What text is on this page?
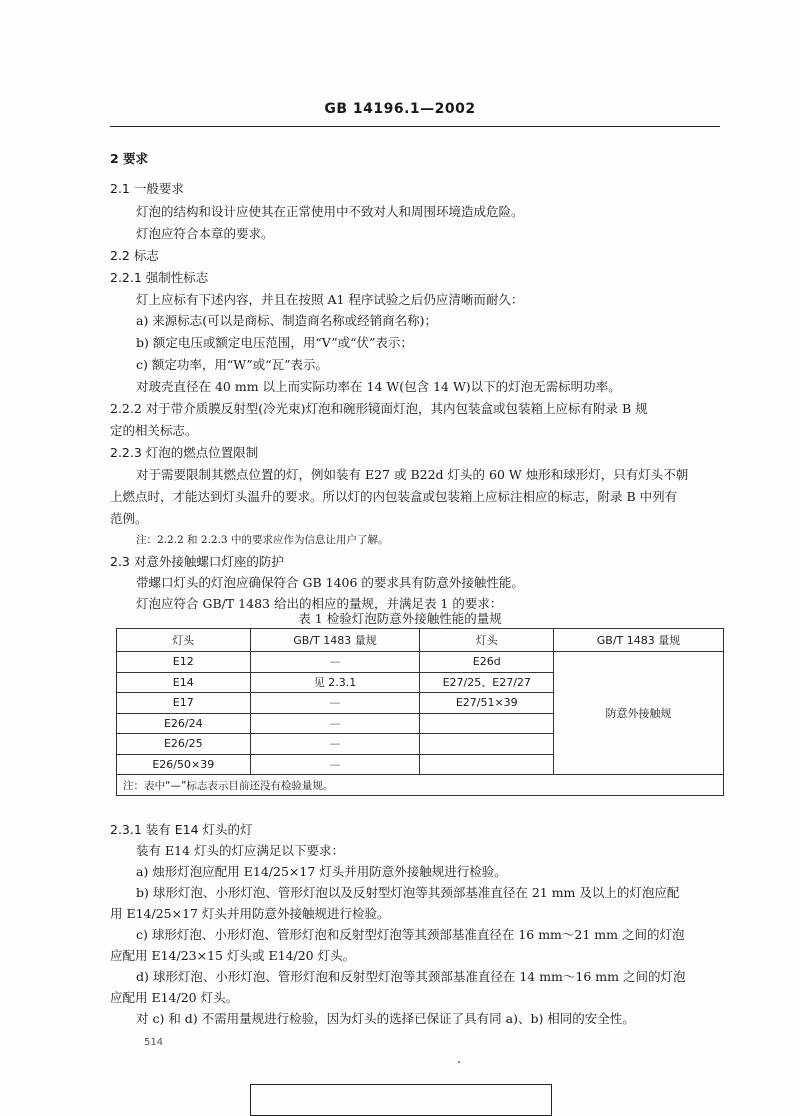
GB 14196.1—2002
2 要求
2.1 一般要求
灯泡的结构和设计应使其在正常使用中不致对人和周围环境造成危险。
灯泡应符合本章的要求。
2.2 标志
2.2.1 强制性标志
灯上应标有下述内容，并且在按照 A1 程序试验之后仍应清晰而耐久：
a) 来源标志(可以是商标、制造商名称或经销商名称)；
b) 额定电压或额定电压范围，用“V”或“伏”表示；
c) 额定功率，用“W”或“瓦”表示。
对玻壳直径在 40 mm 以上而实际功率在 14 W(包含 14 W)以下的灯泡无需标明功率。
2.2.2 对于带介质膜反射型(冷光束)灯泡和碗形镜面灯泡，其内包装盒或包装箱上应标有附录 B 规
定的相关标志。
2.2.3 灯泡的燃点位置限制
对于需要限制其燃点位置的灯，例如装有 E27 或 B22d 灯头的 60 W 烛形和球形灯，只有灯头不朝
上燃点时，才能达到灯头温升的要求。所以灯的内包装盒或包装箱上应标注相应的标志，附录 B 中列有
范例。
注：2.2.2 和 2.2.3 中的要求应作为信息让用户了解。
2.3 对意外接触螺口灯座的防护
带螺口灯头的灯泡应确保符合 GB 1406 的要求具有防意外接触性能。
灯泡应符合 GB/T 1483 给出的相应的量规，并满足表 1 的要求：
表 1 检验灯泡防意外接触性能的量规
灯头	GB/T 1483 量规	灯头	GB/T 1483 量规
E12	—	E26d	防意外接触规
E14	见 2.3.1	E27/25、E27/27	
E17	—	E27/51×39	
E26/24	—		
E26/25	—		
E26/50×39	—		
注：表中“—”标志表示目前还没有检验量规。			
2.3.1 装有 E14 灯头的灯
装有 E14 灯头的灯应满足以下要求：
a) 烛形灯泡应配用 E14/25×17 灯头并用防意外接触规进行检验。
b) 球形灯泡、小形灯泡、管形灯泡以及反射型灯泡等其颈部基准直径在 21 mm 及以上的灯泡应配
用 E14/25×17 灯头并用防意外接触规进行检验。
c) 球形灯泡、小形灯泡、管形灯泡和反射型灯泡等其颈部基准直径在 16 mm～21 mm 之间的灯泡
应配用 E14/23×15 灯头或 E14/20 灯头。
d) 球形灯泡、小形灯泡、管形灯泡和反射型灯泡等其颈部基准直径在 14 mm～16 mm 之间的灯泡
应配用 E14/20 灯头。
对 c) 和 d) 不需用量规进行检验，因为灯头的选择已保证了具有同 a)、b) 相同的安全性。
514
